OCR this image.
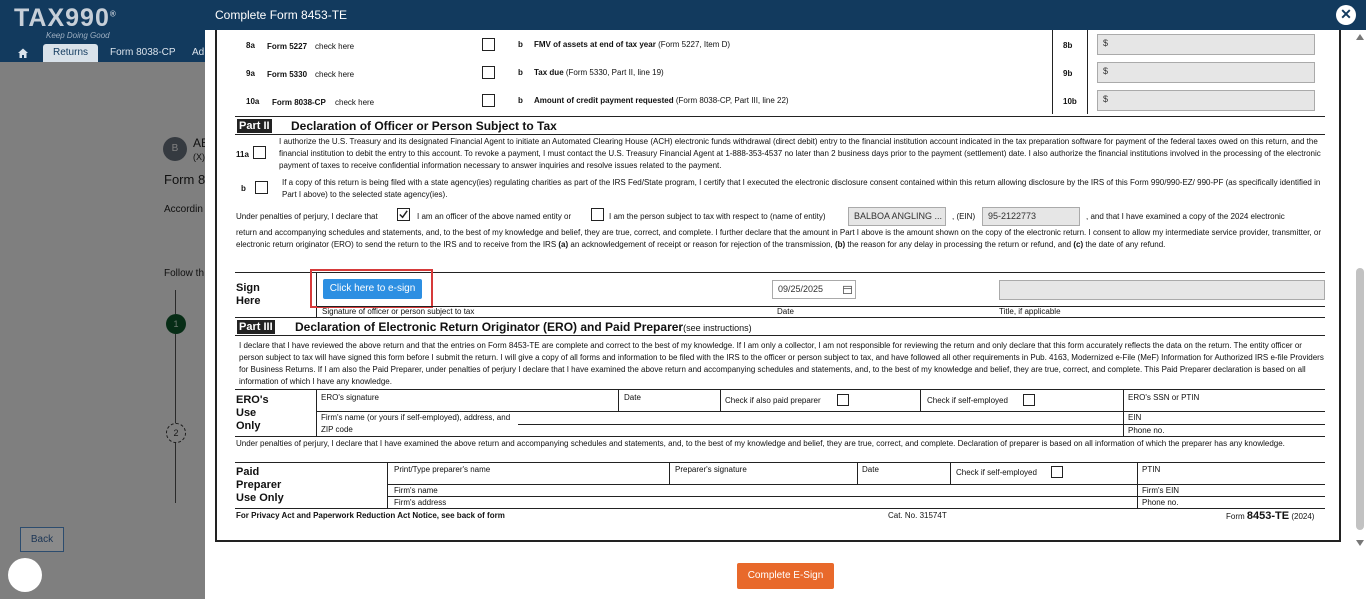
TAX990®
Keep Doing Good
Returns	Form 8038-CP	Ad
Back
Complete Form 8453-TE	✕
8a Form 5227 check here	b FMV of assets at end of tax year (Form 5227, Item D)	8b	$
9a Form 5330 check here	b Tax due (Form 5330, Part II, line 19)	9b	$
10a Form 8038-CP check here	b Amount of credit payment requested (Form 8038-CP, Part III, line 22)	10b	$
Part II Declaration of Officer or Person Subject to Tax
11a
I authorize the U.S. Treasury and its designated Financial Agent to initiate an Automated Clearing House (ACH) electronic funds withdrawal (direct debit) entry to the financial institution account indicated in the tax preparation software for payment of the federal taxes owed on this return, and the financial institution to debit the entry to this account. To revoke a payment, I must contact the U.S. Treasury Financial Agent at 1-888-353-4537 no later than 2 business days prior to the payment (settlement) date. I also authorize the financial institutions involved in the processing of the electronic payment of taxes to receive confidential information necessary to answer inquiries and resolve issues related to the payment.
b
If a copy of this return is being filed with a state agency(ies) regulating charities as part of the IRS Fed/State program, I certify that I executed the electronic disclosure consent contained within this return allowing disclosure by the IRS of this Form 990/990-EZ/ 990-PF (as specifically identified in Part I above) to the selected state agency(ies).
Under penalties of perjury, I declare that	I am an officer of the above named entity or	I am the person subject to tax with respect to (name of entity)	BALBOA ANGLING ...	, (EIN)	95-2122773	, and that I have examined a copy of the 2024 electronic
return and accompanying schedules and statements, and, to the best of my knowledge and belief, they are true, correct, and complete. I further declare that the amount in Part I above is the amount shown on the copy of the electronic return. I consent to allow my intermediate service provider, transmitter, or electronic return originator (ERO) to send the return to the IRS and to receive from the IRS (a) an acknowledgement of receipt or reason for rejection of the transmission, (b) the reason for any delay in processing the return or refund, and (c) the date of any refund.
Sign Here
Click here to e-sign
Signature of officer or person subject to tax
09/25/2025
Date	Title, if applicable
Part III Declaration of Electronic Return Originator (ERO) and Paid Preparer(see instructions)
I declare that I have reviewed the above return and that the entries on Form 8453-TE are complete and correct to the best of my knowledge. If I am only a collector, I am not responsible for reviewing the return and only declare that this form accurately reflects the data on the return. The entity officer or person subject to tax will have signed this form before I submit the return. I will give a copy of all forms and information to be filed with the IRS to the officer or person subject to tax, and have followed all other requirements in Pub. 4163, Modernized e-File (MeF) Information for Authorized IRS e-file Providers for Business Returns. If I am also the Paid Preparer, under penalties of perjury I declare that I have examined the above return and accompanying schedules and statements, and, to the best of my knowledge and belief, they are true, correct, and complete. This Paid Preparer declaration is based on all information of which I have any knowledge.
ERO's Use Only
ERO's signature	Date	Check if also paid preparer	Check if self-employed	ERO's SSN or PTIN
Firm's name (or yours if self-employed), address, and ZIP code
EIN
Phone no.
Under penalties of perjury, I declare that I have examined the above return and accompanying schedules and statements, and, to the best of my knowledge and belief, they are true, correct, and complete. Declaration of preparer is based on all information of which the preparer has any knowledge.
Paid Preparer Use Only
Print/Type preparer's name	Preparer's signature	Date	Check if self-employed	PTIN
Firm's name	Firm's EIN
Firm's address	Phone no.
For Privacy Act and Paperwork Reduction Act Notice, see back of form	Cat. No. 31574T	Form 8453-TE (2024)
Complete E-Sign
